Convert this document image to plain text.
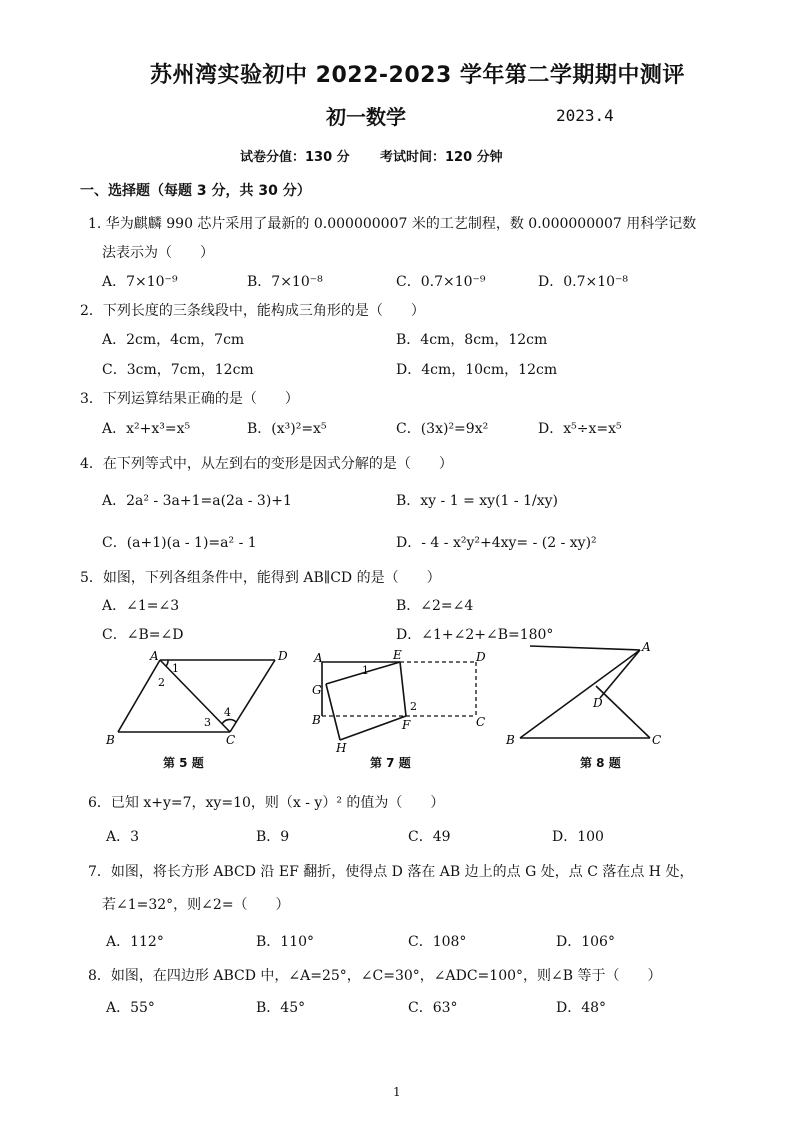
苏州湾实验初中 2022-2023 学年第二学期期中测评
初一数学	2023.4
试卷分值：130 分 考试时间：120 分钟
一、选择题（每题 3 分，共 30 分）
1. 华为麒麟 990 芯片采用了最新的 0.000000007 米的工艺制程，数 0.000000007 用科学记数
法表示为（　　）
A．7×10⁻⁹	B．7×10⁻⁸	C．0.7×10⁻⁹	D．0.7×10⁻⁸
2．下列长度的三条线段中，能构成三角形的是（　　）
A．2cm，4cm，7cm	B．4cm，8cm，12cm
C．3cm，7cm，12cm	D．4cm，10cm，12cm
3．下列运算结果正确的是（　　）
A．x²+x³=x⁵	B．(x³)²=x⁵	C．(3x)²=9x²	D．x⁵÷x=x⁵
4．在下列等式中，从左到右的变形是因式分解的是（　　）
A．2a² - 3a+1=a(2a - 3)+1	B．xy - 1 = xy(1 - 1/xy)
C．(a+1)(a - 1)=a² - 1	D．- 4 - x²y²+4xy= - (2 - xy)²
5．如图，下列各组条件中，能得到 AB∥CD 的是（　　）
A．∠1=∠3	B．∠2=∠4
C．∠B=∠D	D．∠1+∠2+∠B=180°
A	D
B	C
1
2
3
4
第 5 题
A	E	D
G
B	F	C
H
1
2
第 7 题
A
D
B	C
第 8 题
6．已知 x+y=7，xy=10，则（x - y）² 的值为（　　）
A．3	B．9	C．49	D．100
7．如图，将长方形 ABCD 沿 EF 翻折，使得点 D 落在 AB 边上的点 G 处，点 C 落在点 H 处，
若∠1=32°，则∠2=（　　）
A．112°	B．110°	C．108°	D．106°
8．如图，在四边形 ABCD 中，∠A=25°，∠C=30°，∠ADC=100°，则∠B 等于（　　）
A．55°	B．45°	C．63°	D．48°
1
